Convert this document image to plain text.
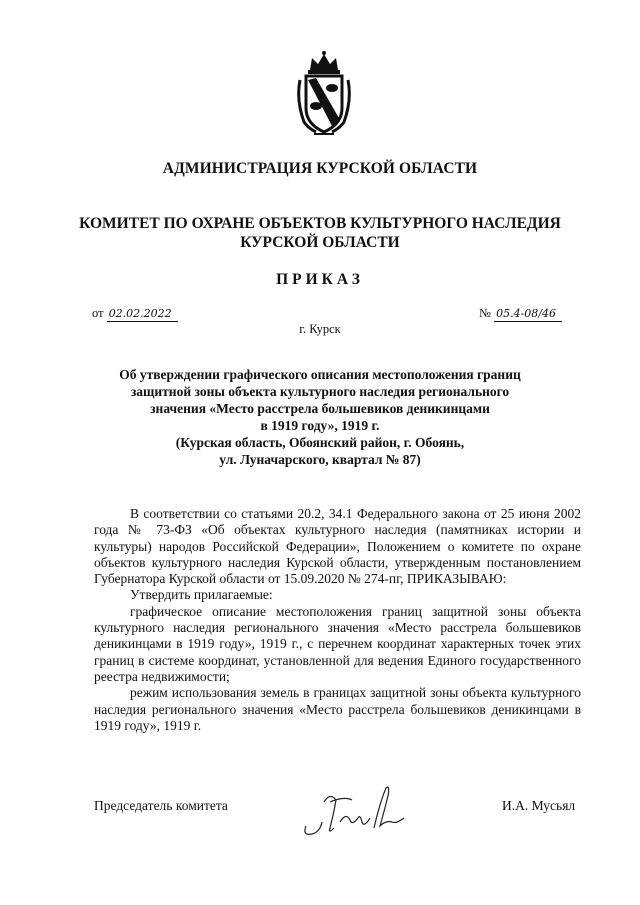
АДМИНИСТРАЦИЯ КУРСКОЙ ОБЛАСТИ
КОМИТЕТ ПО ОХРАНЕ ОБЪЕКТОВ КУЛЬТУРНОГО НАСЛЕДИЯ
КУРСКОЙ ОБЛАСТИ
ПРИКАЗ
от 02.02.2022	№ 05.4-08/46
г. Курск
Об утверждении графического описания местоположения границ
защитной зоны объекта культурного наследия регионального
значения «Место расстрела большевиков деникинцами
в 1919 году», 1919 г.
(Курская область, Обоянский район, г. Обоянь,
ул. Луначарского, квартал № 87)

В соответствии со статьями 20.2, 34.1 Федерального закона от 25 июня 2002 года № 73-ФЗ «Об объектах культурного наследия (памятниках истории и культуры) народов Российской Федерации», Положением о комитете по охране объектов культурного наследия Курской области, утвержденным постановлением Губернатора Курской области от 15.09.2020 № 274-пг, ПРИКАЗЫВАЮ:

Утвердить прилагаемые:

графическое описание местоположения границ защитной зоны объекта культурного наследия регионального значения «Место расстрела большевиков деникинцами в 1919 году», 1919 г., с перечнем координат характерных точек этих границ в системе координат, установленной для ведения Единого государственного реестра недвижимости;

режим использования земель в границах защитной зоны объекта культурного наследия регионального значения «Место расстрела большевиков деникинцами в 1919 году», 1919 г.

Председатель комитета	И.А. Мусьял
